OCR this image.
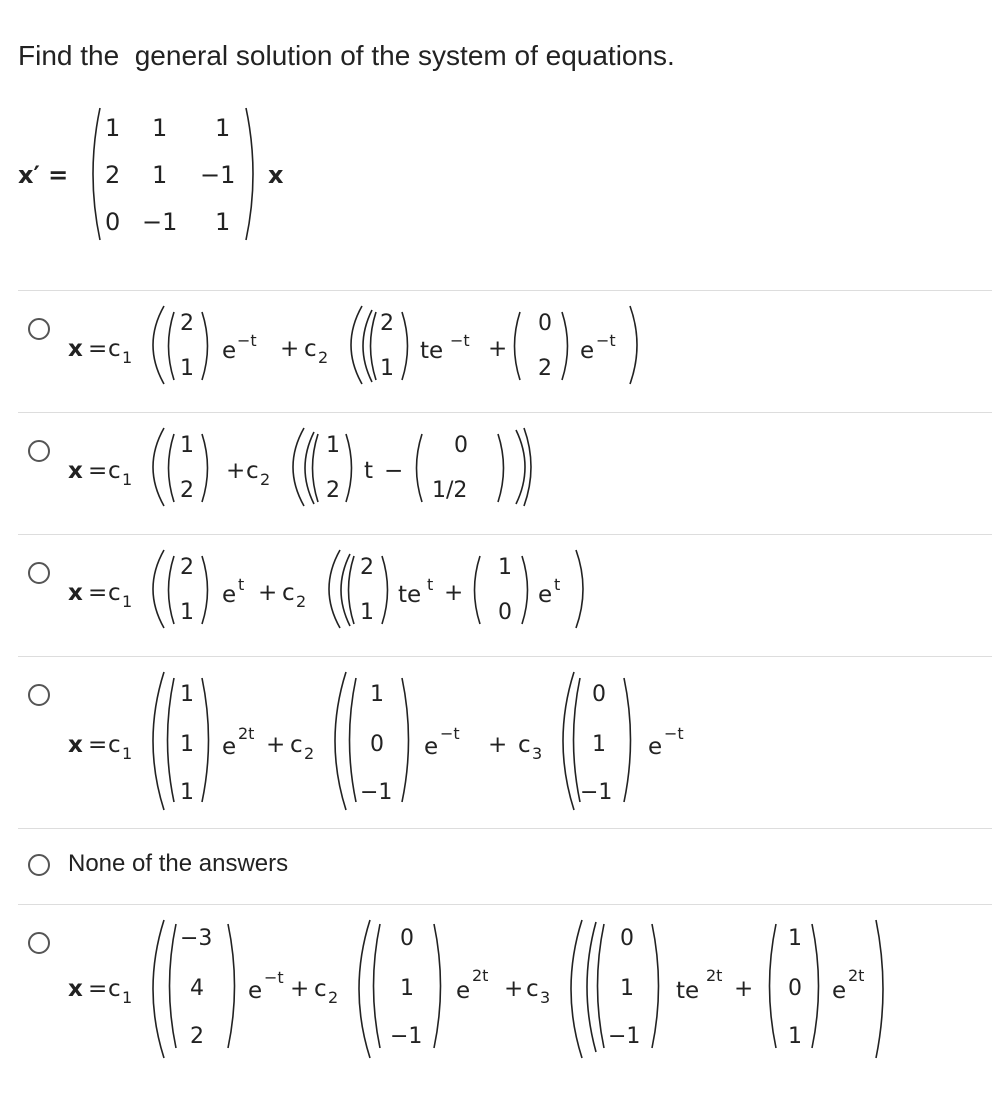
Find the  general solution of the system of equations.
x′ =
1 1 1
2 1 −1
0 −1 1
x
x = c 1
2
1
e −t + c 2
2
1
te −t +
0
2
e −t
x = c 1
1
2
+ c 2
1
2
t −
0
1/2
x = c 1
2
1
e t + c 2
2
1
te t +
1
0
e t
x = c 1
1
1
1
e
2t + c 2
1
0
−1
e
−t + c 3
0
1
−1
e
−t
None of the answers
x = c 1
−3
4
2
e
−t + c 2
0
1
−1
e
2t
+ c 3
0
1
−1
te
2t
+
1
0
1
e
2t
